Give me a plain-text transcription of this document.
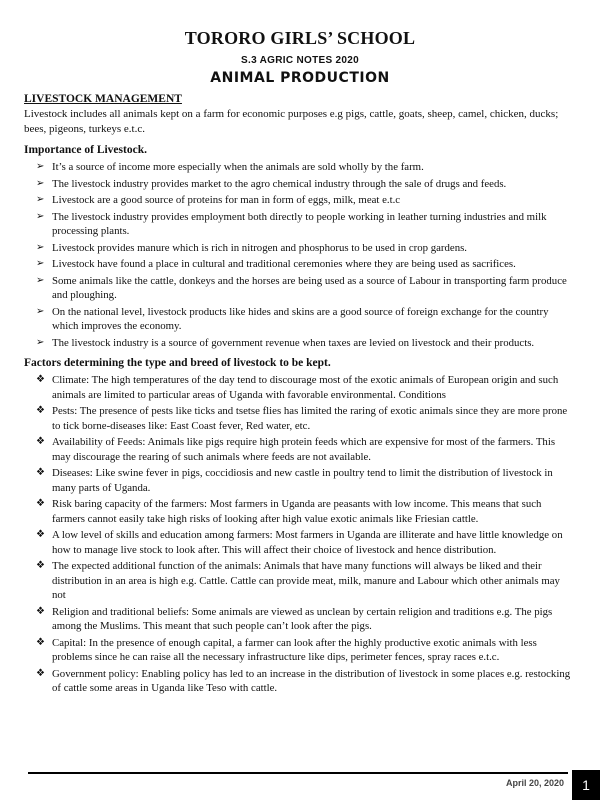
TORORO GIRLS’ SCHOOL
S.3 AGRIC NOTES 2020
ANIMAL PRODUCTION
LIVESTOCK MANAGEMENT

Livestock includes all animals kept on a farm for economic purposes e.g pigs, cattle, goats, sheep, camel, chicken, ducks; bees, pigeons, turkeys e.t.c.

Importance of Livestock.
➢ It’s a source of income more especially when the animals are sold wholly by the farm.
➢ The livestock industry provides market to the agro chemical industry through the sale of drugs and feeds.
➢ Livestock are a good source of proteins for man in form of eggs, milk, meat e.t.c
➢ The livestock industry provides employment both directly to people working in leather turning industries and milk processing plants.
➢ Livestock provides manure which is rich in nitrogen and phosphorus to be used in crop gardens.
➢ Livestock have found a place in cultural and traditional ceremonies where they are being used as sacrifices.
➢ Some animals like the cattle, donkeys and the horses are being used as a source of Labour in transporting farm produce and ploughing.
➢ On the national level, livestock products like hides and skins are a good source of foreign exchange for the country which improves the economy.
➢ The livestock industry is a source of government revenue when taxes are levied on livestock and their products.
Factors determining the type and breed of livestock to be kept.
❖ Climate: The high temperatures of the day tend to discourage most of the exotic animals of European origin and such animals are limited to particular areas of Uganda with favorable environmental. Conditions
❖ Pests: The presence of pests like ticks and tsetse flies has limited the raring of exotic animals since they are more prone to tick borne-diseases like: East Coast fever, Red water, etc.
❖ Availability of Feeds: Animals like pigs require high protein feeds which are expensive for most of the farmers. This may discourage the rearing of such animals where feeds are not available.
❖ Diseases: Like swine fever in pigs, coccidiosis and new castle in poultry tend to limit the distribution of livestock in many parts of Uganda.
❖ Risk baring capacity of the farmers: Most farmers in Uganda are peasants with low income. This means that such farmers cannot easily take high risks of looking after high value exotic animals like Friesian cattle.
❖ A low level of skills and education among farmers: Most farmers in Uganda are illiterate and have little knowledge on how to manage live stock to look after. This will affect their choice of livestock and hence distribution.
❖ The expected additional function of the animals: Animals that have many functions will always be liked and their distribution in an area is high e.g. Cattle. Cattle can provide meat, milk, manure and Labour which other animals may not
❖ Religion and traditional beliefs: Some animals are viewed as unclean by certain religion and traditions e.g. The pigs among the Muslims. This meant that such people can’t look after the pigs.
❖ Capital: In the presence of enough capital, a farmer can look after the highly productive exotic animals with less problems since he can raise all the necessary infrastructure like dips, perimeter fences, spray races e.t.c.
❖ Government policy: Enabling policy has led to an increase in the distribution of livestock in some places e.g. restocking of cattle some areas in Uganda like Teso with cattle.
April 20, 2020	1
